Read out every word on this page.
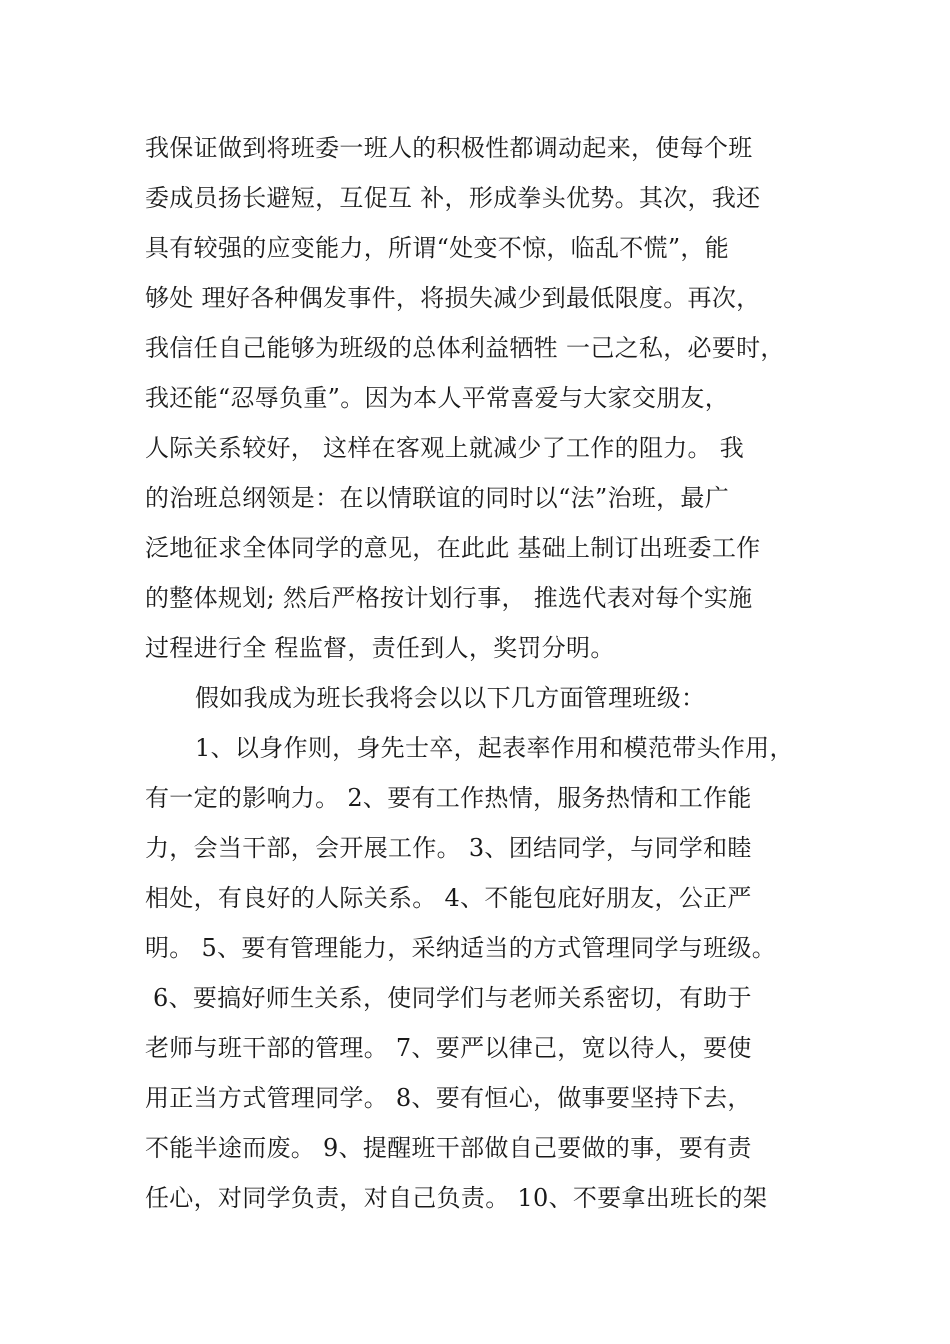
我保证做到将班委一班人的积极性都调动起来，使每个班
委成员扬长避短，互促互 补，形成拳头优势。其次，我还
具有较强的应变能力，所谓“处变不惊，临乱不慌”，能
够处 理好各种偶发事件，将损失减少到最低限度。再次，
我信任自己能够为班级的总体利益牺牲 一己之私，必要时，
我还能“忍辱负重”。因为本人平常喜爱与大家交朋友，
人际关系较好， 这样在客观上就减少了工作的阻力。 我
的治班总纲领是：在以情联谊的同时以“法”治班，最广
泛地征求全体同学的意见，在此此 基础上制订出班委工作
的整体规划; 然后严格按计划行事， 推选代表对每个实施
过程进行全 程监督，责任到人，奖罚分明。
假如我成为班长我将会以以下几方面管理班级：
1、以身作则，身先士卒，起表率作用和模范带头作用，
有一定的影响力。 2、要有工作热情，服务热情和工作能
力，会当干部，会开展工作。 3、团结同学，与同学和睦
相处，有良好的人际关系。 4、不能包庇好朋友，公正严
明。 5、要有管理能力，采纳适当的方式管理同学与班级。
6、要搞好师生关系，使同学们与老师关系密切，有助于
老师与班干部的管理。 7、要严以律己，宽以待人，要使
用正当方式管理同学。 8、要有恒心，做事要坚持下去，
不能半途而废。 9、提醒班干部做自己要做的事，要有责
任心，对同学负责，对自己负责。 10、不要拿出班长的架
